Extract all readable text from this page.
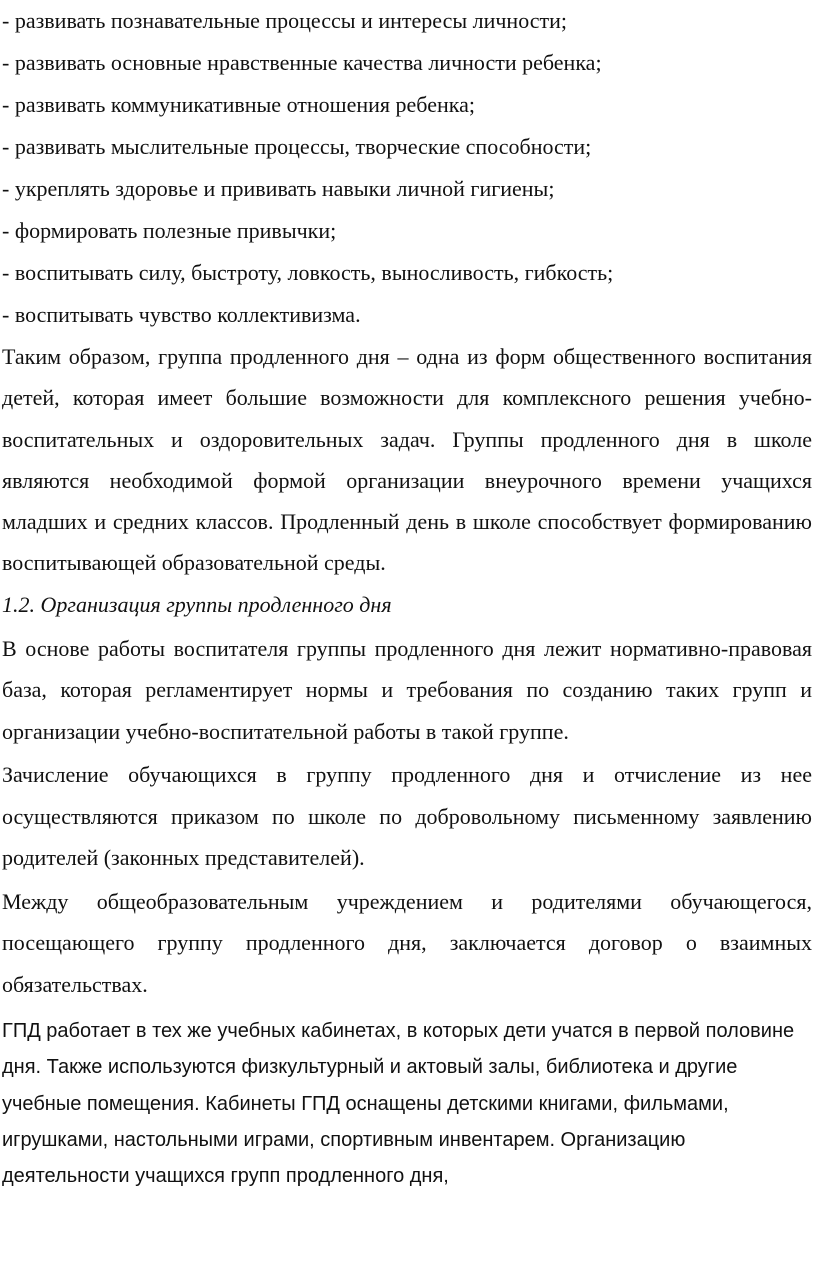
- развивать познавательные процессы и интересы личности;

- развивать основные нравственные качества личности ребенка;

- развивать коммуникативные отношения ребенка;

- развивать мыслительные процессы, творческие способности;

- укреплять здоровье и прививать навыки личной гигиены;

- формировать полезные привычки;

- воспитывать силу, быстроту, ловкость, выносливость, гибкость;

- воспитывать чувство коллективизма.

Таким образом, группа продленного дня – одна из форм общественного воспитания детей, которая имеет большие возможности для комплексного решения учебно-воспитательных и оздоровительных задач. Группы продленного дня в школе являются необходимой формой организации внеурочного времени учащихся младших и средних классов. Продленный день в школе способствует формированию воспитывающей образовательной среды.

1.2. Организация группы продленного дня

В основе работы воспитателя группы продленного дня лежит нормативно-правовая база, которая регламентирует нормы и требования по созданию таких групп и организации учебно-воспитательной работы в такой группе.

Зачисление обучающихся в группу продленного дня и отчисление из нее осуществляются приказом по школе по добровольному письменному заявлению родителей (законных представителей).

Между общеобразовательным учреждением и родителями обучающегося, посещающего группу продленного дня, заключается договор о взаимных обязательствах.

ГПД работает в тех же учебных кабинетах, в которых дети учатся в первой половине дня. Также используются физкультурный и актовый залы, библиотека и другие учебные помещения. Кабинеты ГПД оснащены детскими книгами, фильмами, игрушками, настольными играми, спортивным инвентарем. Организацию деятельности учащихся групп продленного дня,
